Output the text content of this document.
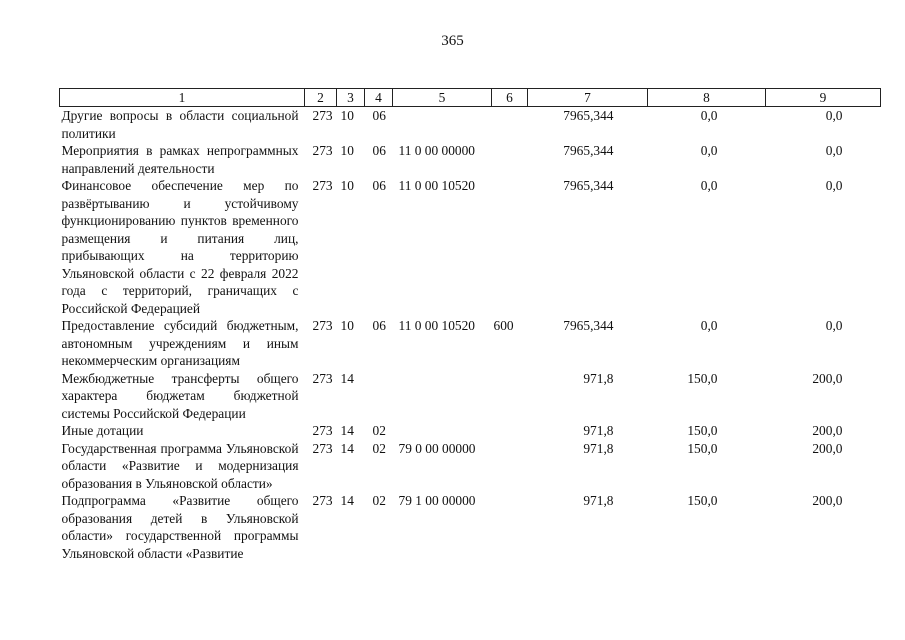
365
1	2	3	4	5	6	7	8	9
Другие вопросы в области социальной политики	273	10	06			7965,344	0,0	0,0
Мероприятия в рамках непрограммных направлений деятельности	273	10	06	11 0 00 00000		7965,344	0,0	0,0
Финансовое обеспечение мер по развёртыванию и устойчивому функционированию пунктов временного размещения и питания лиц, прибывающих на территорию Ульяновской области с 22 февраля 2022 года с территорий, граничащих с Российской Федерацией	273	10	06	11 0 00 10520		7965,344	0,0	0,0
Предоставление субсидий бюджетным, автономным учреждениям и иным некоммерческим организациям	273	10	06	11 0 00 10520	600	7965,344	0,0	0,0
Межбюджетные трансферты общего характера бюджетам бюджетной системы Российской Федерации	273	14				971,8	150,0	200,0
Иные дотации	273	14	02			971,8	150,0	200,0
Государственная программа Ульяновской области «Развитие и модернизация образования в Ульяновской области»	273	14	02	79 0 00 00000		971,8	150,0	200,0
Подпрограмма «Развитие общего образования детей в Ульяновской области» государственной программы Ульяновской области «Развитие	273	14	02	79 1 00 00000		971,8	150,0	200,0
